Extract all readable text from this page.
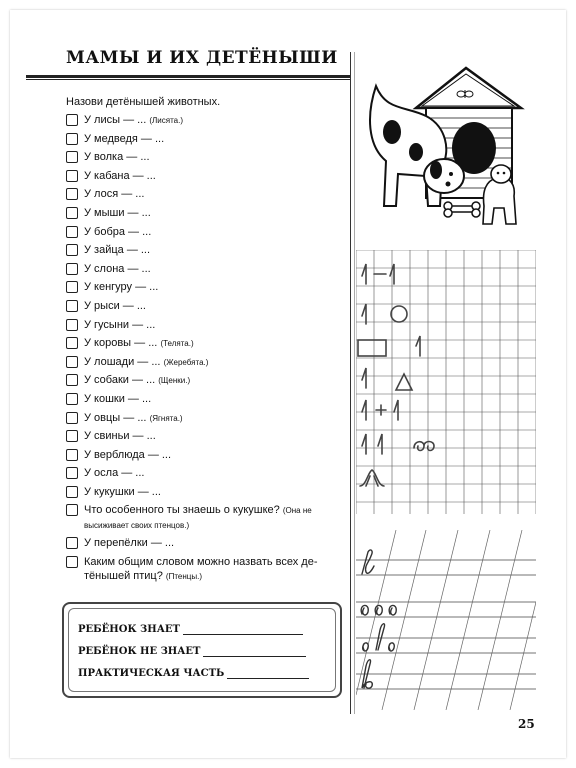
МАМЫ И ИХ ДЕТЁНЫШИ
Назови детёнышей животных.
У лисы — ... (Лисята.)
У медведя — ...
У волка — ...
У кабана — ...
У лося — ...
У мыши — ...
У бобра — ...
У зайца — ...
У слона — ...
У кенгуру — ...
У рыси — ...
У гусыни — ...
У коровы — ... (Телята.)
У лошади — ... (Жеребята.)
У собаки — ... (Щенки.)
У кошки — ...
У овцы — ... (Ягнята.)
У свиньи — ...
У верблюда — ...
У осла — ...
У кукушки — ...
Что особенного ты знаешь о кукушке? (Она не
высиживает своих птенцов.)
У перепёлки — ...
Каким общим словом можно назвать всех де-
тёнышей птиц? (Птенцы.)
РЕБЁНОК ЗНАЕТ
РЕБЁНОК НЕ ЗНАЕТ
ПРАКТИЧЕСКАЯ ЧАСТЬ
25
